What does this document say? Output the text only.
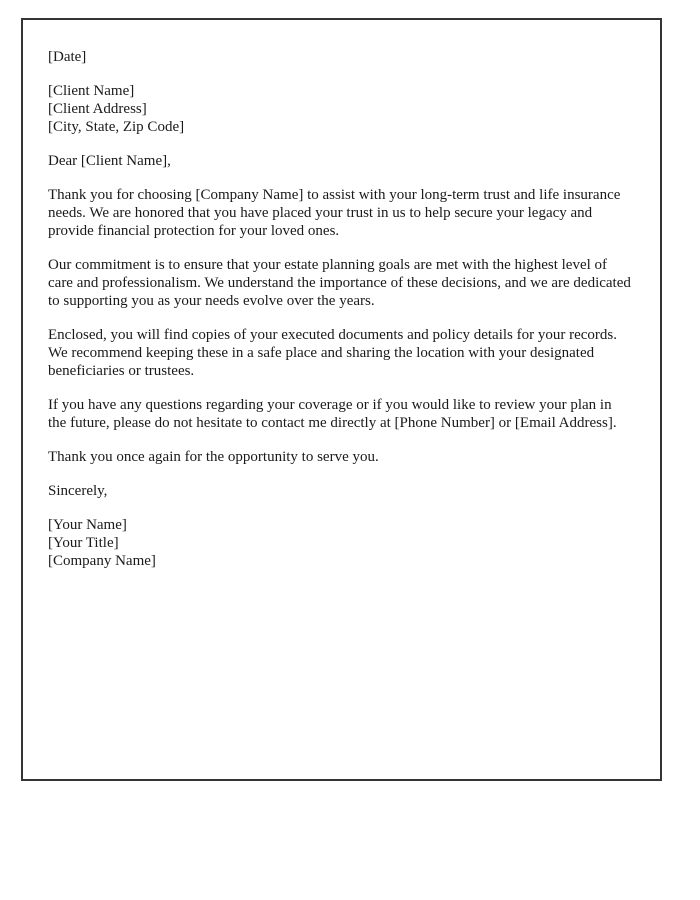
[Date]
[Client Name]
[Client Address]
[City, State, Zip Code]
Dear [Client Name],

Thank you for choosing [Company Name] to assist with your long-term trust and life insurance needs. We are honored that you have placed your trust in us to help secure your legacy and provide financial protection for your loved ones.

Our commitment is to ensure that your estate planning goals are met with the highest level of care and professionalism. We understand the importance of these decisions, and we are dedicated to supporting you as your needs evolve over the years.

Enclosed, you will find copies of your executed documents and policy details for your records. We recommend keeping these in a safe place and sharing the location with your designated beneficiaries or trustees.

If you have any questions regarding your coverage or if you would like to review your plan in the future, please do not hesitate to contact me directly at [Phone Number] or [Email Address].

Thank you once again for the opportunity to serve you.

Sincerely,
[Your Name]
[Your Title]
[Company Name]
